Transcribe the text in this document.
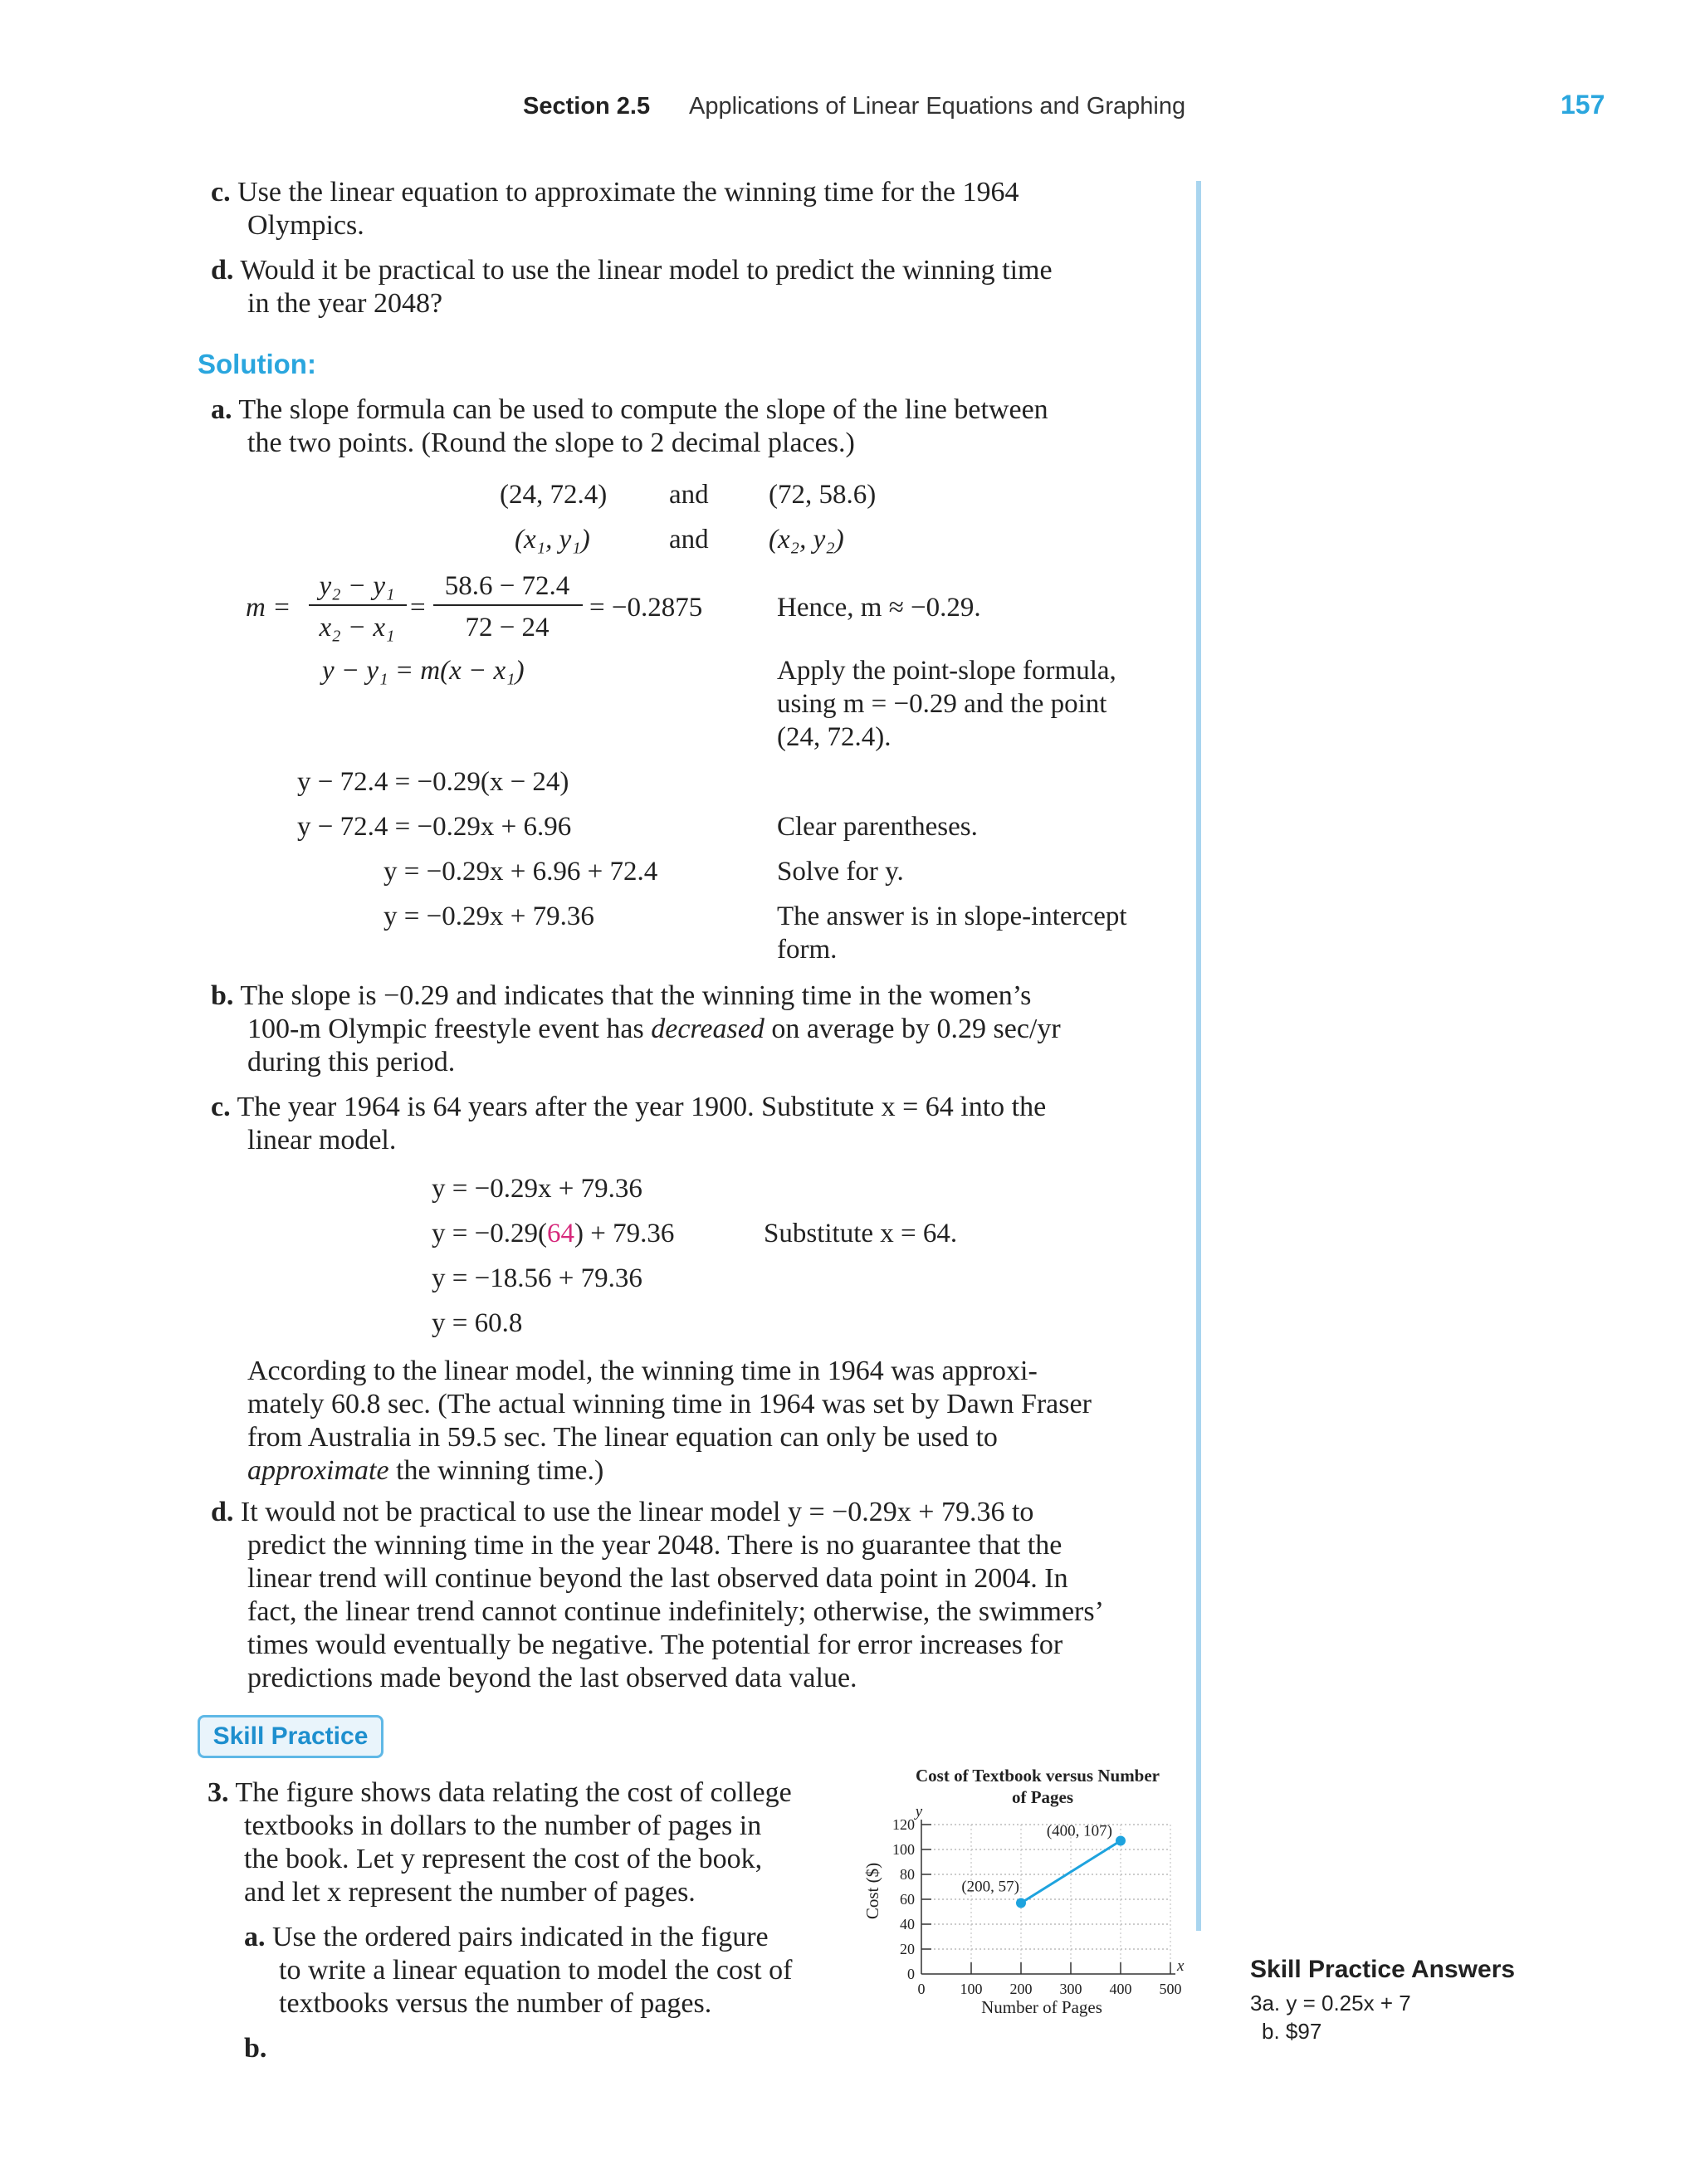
Section 2.5 Applications of Linear Equations and Graphing	157
c. Use the linear equation to approximate the winning time for the 1964
Olympics.
d. Would it be practical to use the linear model to predict the winning time
in the year 2048?
Solution:
a. The slope formula can be used to compute the slope of the line between
the two points. (Round the slope to 2 decimal places.)
(24, 72.4) and (72, 58.6)
(x₁, y₁)	and (x₂, y₂)
m =
y₂ − y₁
x₂ − x₁
=
58.6 − 72.4
72 − 24
= −0.2875	Hence, m ≈ −0.29.
y − y₁ = m(x − x₁)	Apply the point-slope formula,
using m = −0.29 and the point
(24, 72.4).
y − 72.4 = −0.29(x − 24)
y − 72.4 = −0.29x + 6.96	Clear parentheses.
y = −0.29x + 6.96 + 72.4	Solve for y.
y = −0.29x + 79.36	The answer is in slope-intercept
form.
b. The slope is −0.29 and indicates that the winning time in the women’s
100-m Olympic freestyle event has decreased on average by 0.29 sec/yr
during this period.
c. The year 1964 is 64 years after the year 1900. Substitute x = 64 into the
linear model.
y = −0.29x + 79.36
y = −0.29(64) + 79.36	Substitute x = 64.
y = −18.56 + 79.36
y = 60.8
According to the linear model, the winning time in 1964 was approxi-
mately 60.8 sec. (The actual winning time in 1964 was set by Dawn Fraser
from Australia in 59.5 sec. The linear equation can only be used to
approximate the winning time.)
d. It would not be practical to use the linear model y = −0.29x + 79.36 to
predict the winning time in the year 2048. There is no guarantee that the
linear trend will continue beyond the last observed data point in 2004. In
fact, the linear trend cannot continue indefinitely; otherwise, the swimmers’
times would eventually be negative. The potential for error increases for
predictions made beyond the last observed data value.
Skill Practice
3. The figure shows data relating the cost of college
textbooks in dollars to the number of pages in
the book. Let y represent the cost of the book,
and let x represent the number of pages.
a. Use the ordered pairs indicated in the figure
to write a linear equation to model the cost of
textbooks versus the number of pages.
b.
Cost of Textbook versus Number
of Pages
x
y
0 100 200 300 400 500
0
20
40
60
80
100
120
(200, 57)
(400, 107)
Number of Pages
Cost ($)
Skill Practice Answers
3a. y = 0.25x + 7
b. $97
